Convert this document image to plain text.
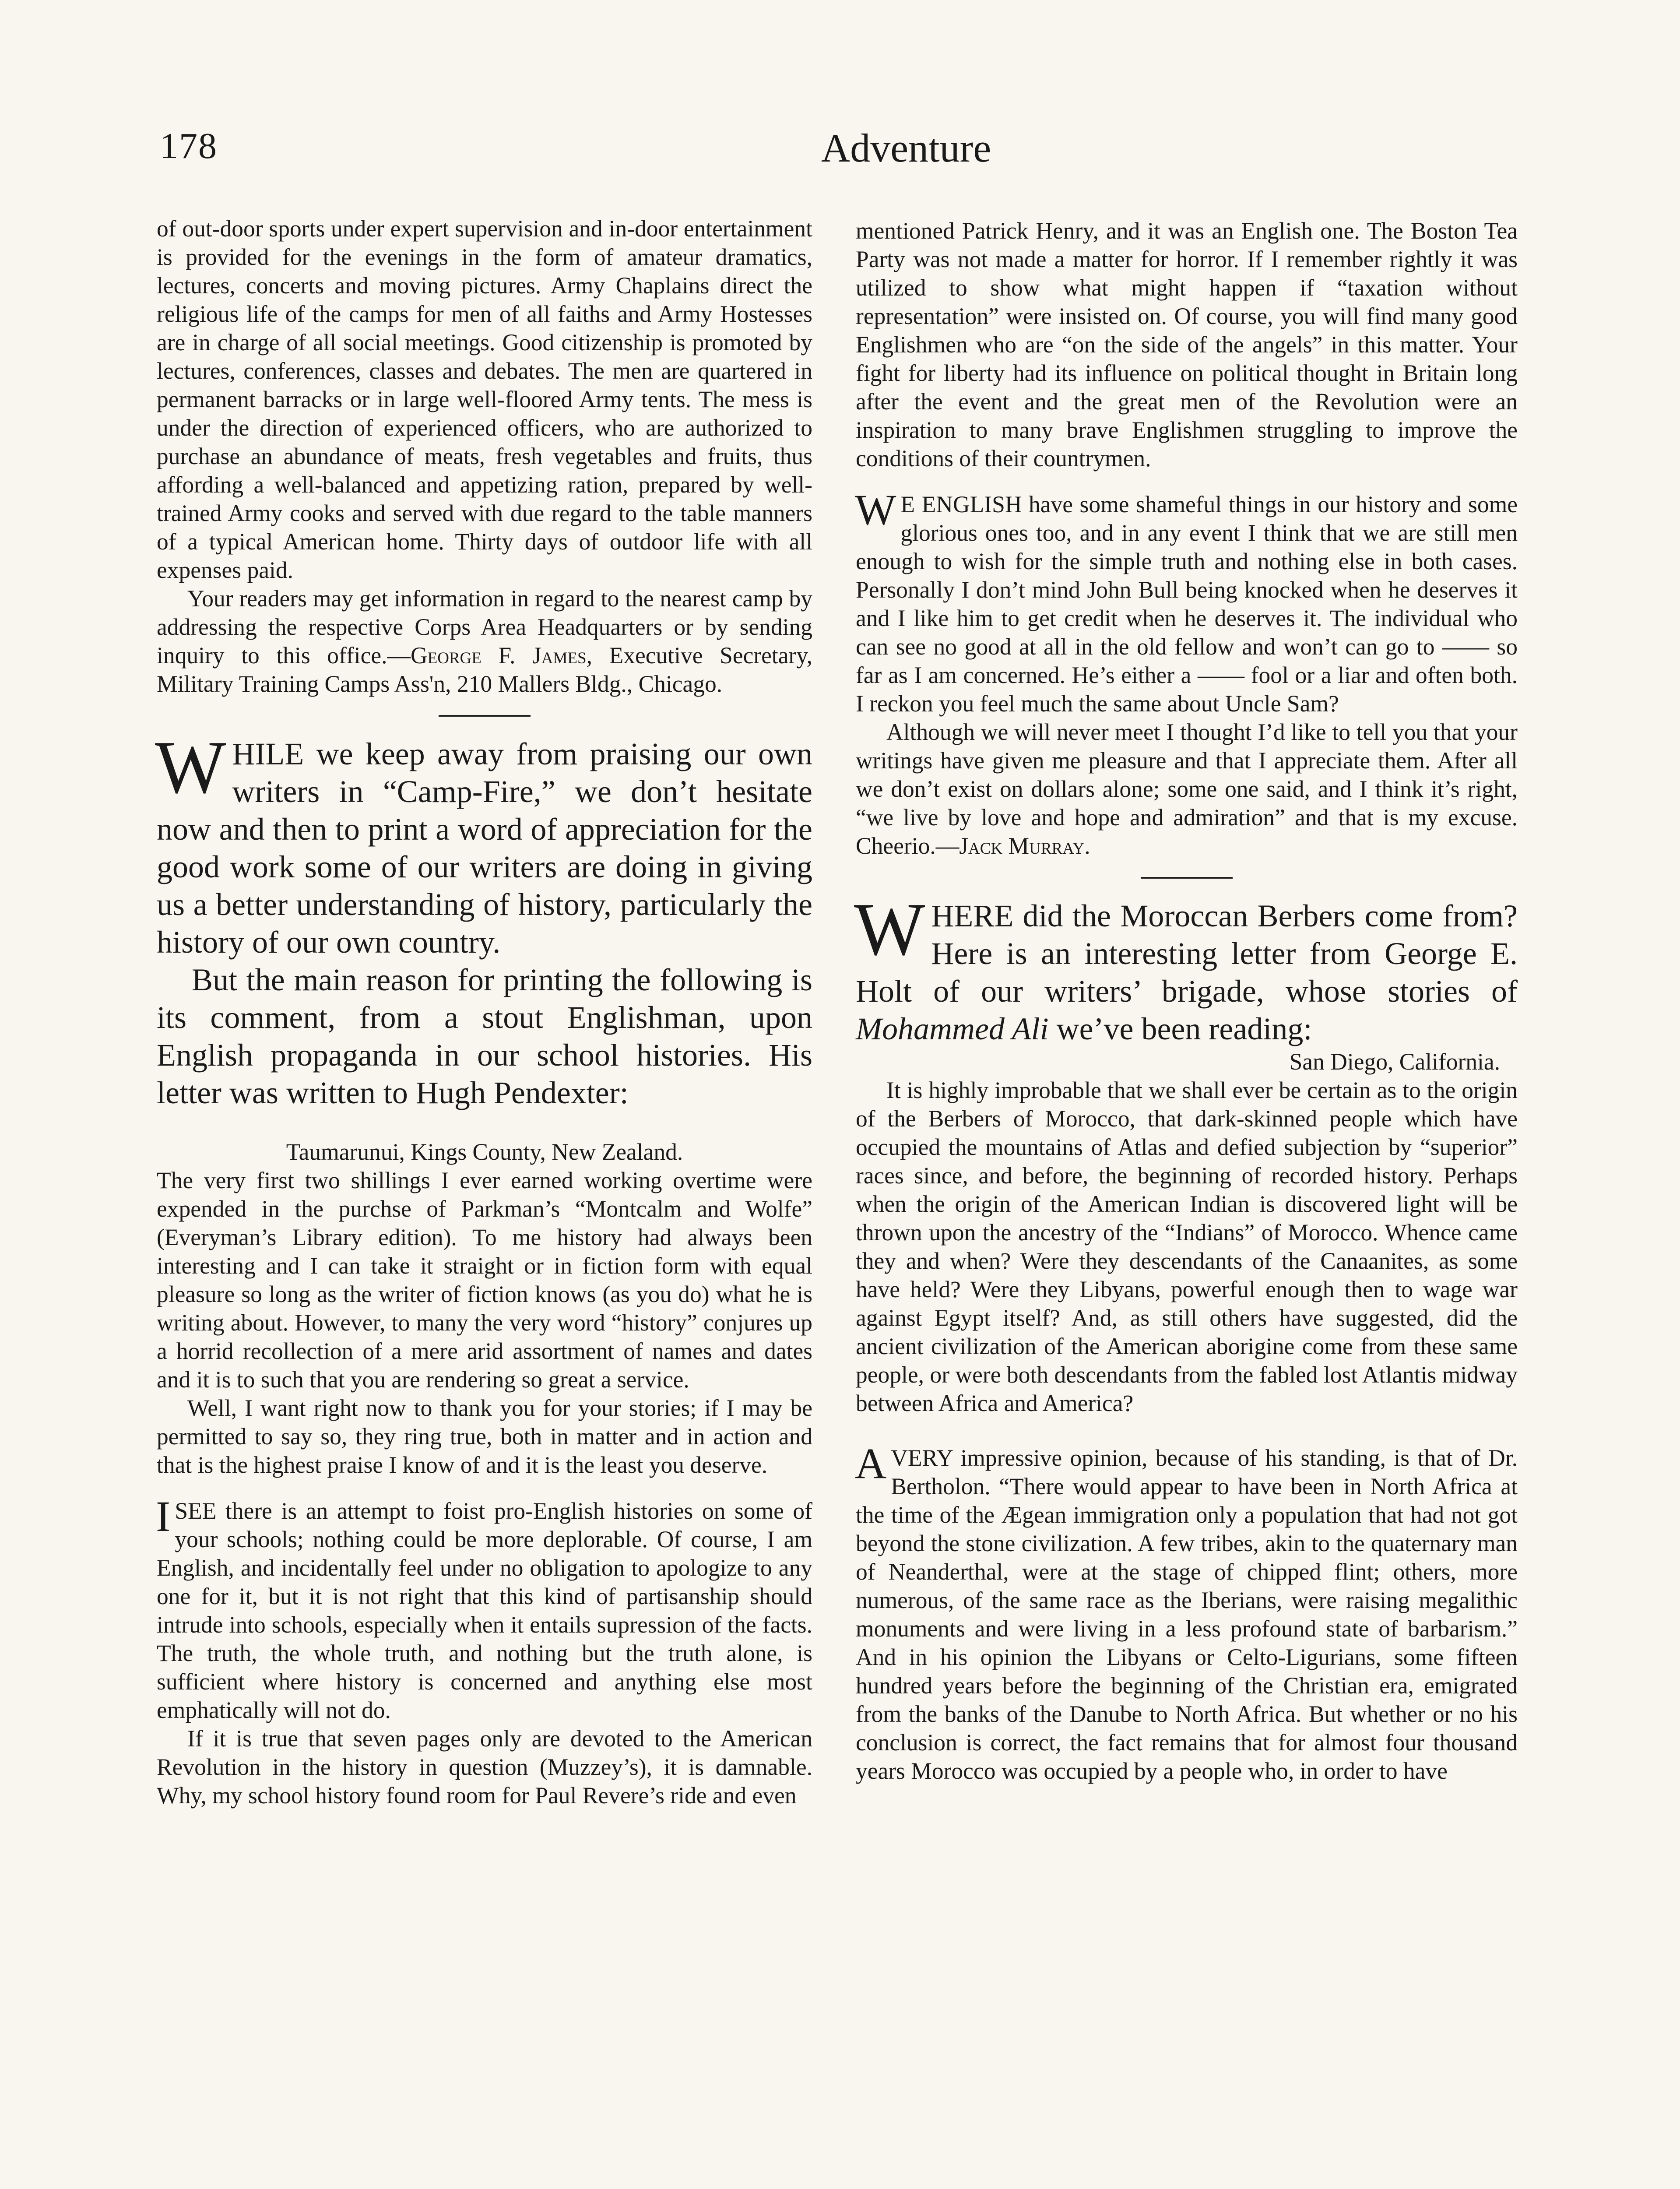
178	Adventure

of out-door sports under expert supervision and in-door entertainment is provided for the evenings in the form of amateur dramatics, lectures, concerts and moving pictures. Army Chaplains direct the religious life of the camps for men of all faiths and Army Hostesses are in charge of all social meetings. Good citizenship is promoted by lectures, conferences, classes and debates. The men are quartered in permanent barracks or in large well-floored Army tents. The mess is under the direction of experienced officers, who are authorized to purchase an abundance of meats, fresh vegetables and fruits, thus affording a well-balanced and appetizing ration, prepared by well-trained Army cooks and served with due regard to the table manners of a typical American home. Thirty days of outdoor life with all expenses paid.

Your readers may get information in regard to the nearest camp by addressing the respective Corps Area Headquarters or by sending inquiry to this office.—George F. James, Executive Secretary, Military Training Camps Ass'n, 210 Mallers Bldg., Chicago.

WHILE we keep away from praising our own writers in “Camp-Fire,” we don’t hesitate now and then to print a word of appreciation for the good work some of our writers are doing in giving us a better understanding of history, particularly the history of our own country.

But the main reason for printing the following is its comment, from a stout Englishman, upon English propaganda in our school histories. His letter was written to Hugh Pendexter:

Taumarunui, Kings County, New Zealand.

The very first two shillings I ever earned working overtime were expended in the purchse of Parkman’s “Montcalm and Wolfe” (Everyman’s Library edition). To me history had always been interesting and I can take it straight or in fiction form with equal pleasure so long as the writer of fiction knows (as you do) what he is writing about. However, to many the very word “history” conjures up a horrid recollection of a mere arid assortment of names and dates and it is to such that you are rendering so great a service.

Well, I want right now to thank you for your stories; if I may be permitted to say so, they ring true, both in matter and in action and that is the highest praise I know of and it is the least you deserve.

ISEE there is an attempt to foist pro-English histories on some of your schools; nothing could be more deplorable. Of course, I am English, and incidentally feel under no obligation to apologize to any one for it, but it is not right that this kind of partisanship should intrude into schools, especially when it entails supression of the facts. The truth, the whole truth, and nothing but the truth alone, is sufficient where history is concerned and anything else most emphatically will not do.

If it is true that seven pages only are devoted to the American Revolution in the history in question (Muzzey’s), it is damnable. Why, my school history found room for Paul Revere’s ride and even

mentioned Patrick Henry, and it was an English one. The Boston Tea Party was not made a matter for horror. If I remember rightly it was utilized to show what might happen if “taxation without representation” were insisted on. Of course, you will find many good Englishmen who are “on the side of the angels” in this matter. Your fight for liberty had its influence on political thought in Britain long after the event and the great men of the Revolution were an inspiration to many brave Englishmen struggling to improve the conditions of their countrymen.

W E ENGLISH have some shameful things in our history and some glorious ones too, and in any event I think that we are still men enough to wish for the simple truth and nothing else in both cases. Personally I don’t mind John Bull being knocked when he deserves it and I like him to get credit when he deserves it. The individual who can see no good at all in the old fellow and won’t can go to —— so far as I am concerned. He’s either a —— fool or a liar and often both. I reckon you feel much the same about Uncle Sam?

Although we will never meet I thought I’d like to tell you that your writings have given me pleasure and that I appreciate them. After all we don’t exist on dollars alone; some one said, and I think it’s right, “we live by love and hope and admiration” and that is my excuse. Cheerio.—Jack Murray.

WHERE did the Moroccan Berbers come from? Here is an interesting letter from George E. Holt of our writers’ brigade, whose stories of Mohammed Ali we’ve been reading:

San Diego, California.

It is highly improbable that we shall ever be certain as to the origin of the Berbers of Morocco, that dark-skinned people which have occupied the mountains of Atlas and defied subjection by “superior” races since, and before, the beginning of recorded history. Perhaps when the origin of the American Indian is discovered light will be thrown upon the ancestry of the “Indians” of Morocco. Whence came they and when? Were they descendants of the Canaanites, as some have held? Were they Libyans, powerful enough then to wage war against Egypt itself? And, as still others have suggested, did the ancient civilization of the American aborigine come from these same people, or were both descendants from the fabled lost Atlantis midway between Africa and America?

AVERY impressive opinion, because of his standing, is that of Dr. Bertholon. “There would appear to have been in North Africa at the time of the Ægean immigration only a population that had not got beyond the stone civilization. A few tribes, akin to the quaternary man of Neanderthal, were at the stage of chipped flint; others, more numerous, of the same race as the Iberians, were raising megalithic monuments and were living in a less profound state of barbarism.” And in his opinion the Libyans or Celto-Ligurians, some fifteen hundred years before the beginning of the Christian era, emigrated from the banks of the Danube to North Africa. But whether or no his conclusion is correct, the fact remains that for almost four thousand years Morocco was occupied by a people who, in order to have
